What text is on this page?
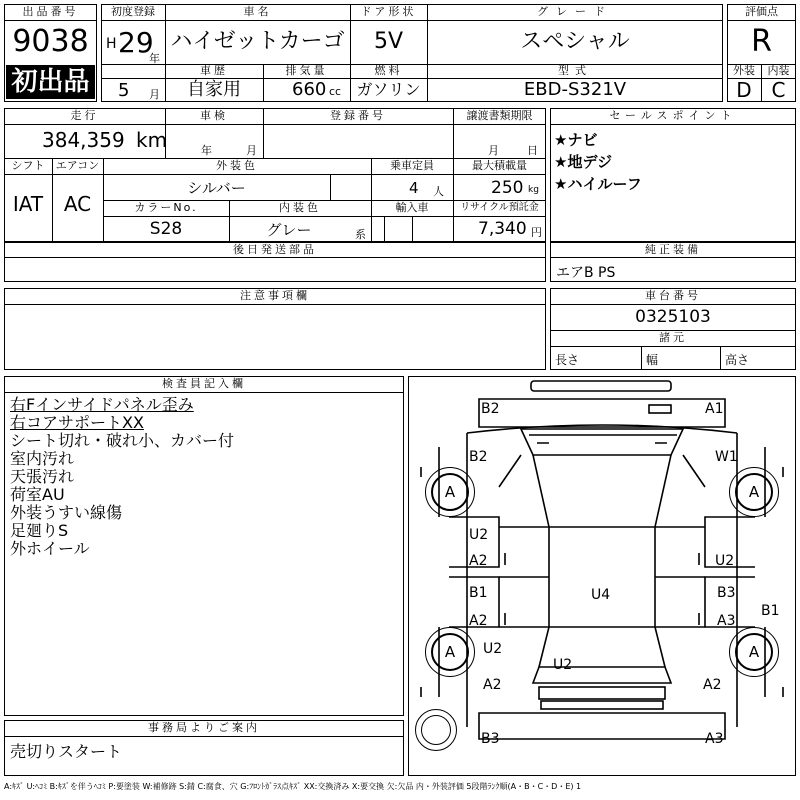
出品番号
9038
初出品
初度登録
H 29
年
5 月
車名
ハイゼットカーゴ
ドア形状
5V
グレード
スペシャル
車歴
自家用
排気量
660 cc
燃料
ガソリン
型式
EBD-S321V
評価点
R
外装	内装
D C
走行
384,359 km
車検
年	月
登録番号	譲渡書類期限
月	日
シフト
IAT
エアコン
AC
外装色
シルバー
乗車定員
4 人
最大積載量
250 kg
カラーNo.
S28
内装色
グレー	系
輸入車	リサイクル預託金
7,340 円
後日発送部品
セールスポイント
★ナビ
★地デジ
★ハイルーフ
純正装備
エアB PS
注意事項欄	車台番号
0325103
諸元
長さ	幅	高さ
検査員記入欄
右Fインサイドパネル歪み
右コアサポートXX
シート切れ・破れ小、カバー付
室内汚れ
天張汚れ
荷室AU
外装うすい線傷
足廻りS
外ホイール
事務局よりご案内
売切りスタート
A	A
A	A
B2	A1
B2	W1
U2
A2	U2
B1
A2
U4	B3
A3
B1
U2
U2
A2	A2
B3	A3
A:ｷｽﾞ U:ﾍｺﾐ B:ｷｽﾞを伴うﾍｺﾐ P:要塗装 W:補修跡 S:錆 C:腐食、穴 G:ﾌﾛﾝﾄｶﾞﾗｽ点ｷｽﾞ XX:交換済み X:要交換 欠:欠品 内・外装評価 5段階ﾗﾝｸ順(A・B・C・D・E) 1
